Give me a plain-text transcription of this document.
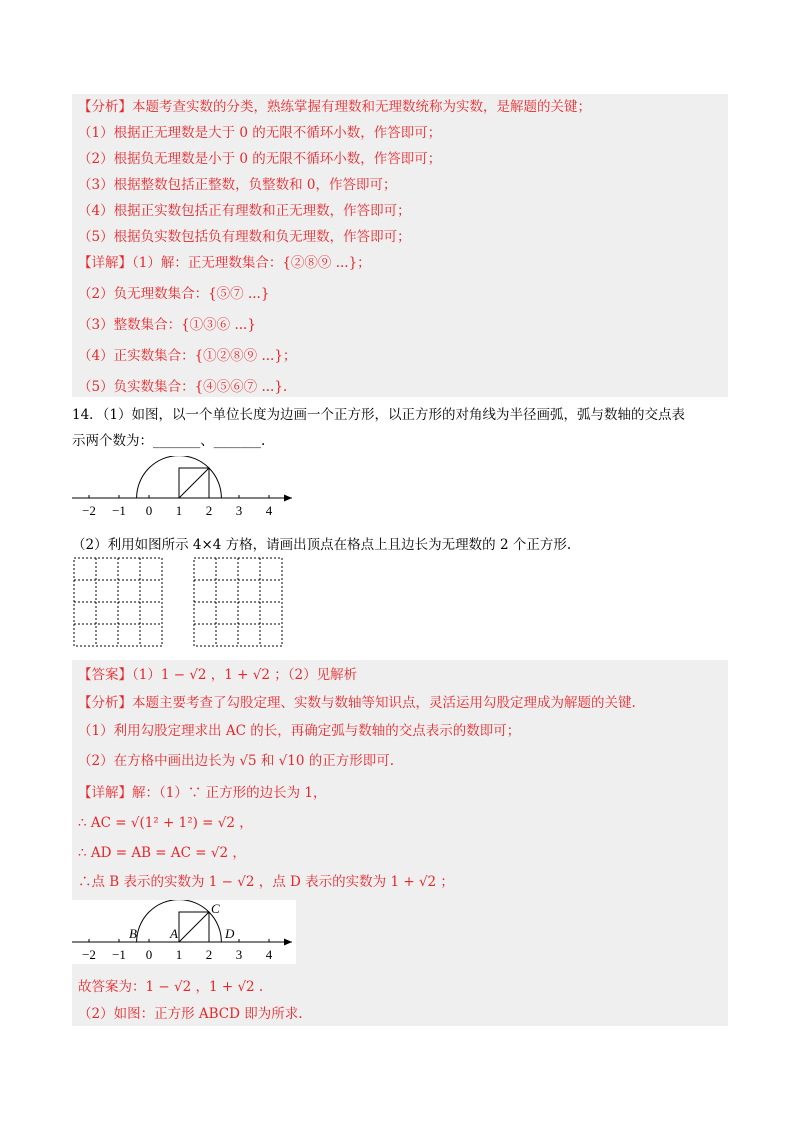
【分析】本题考查实数的分类，熟练掌握有理数和无理数统称为实数，是解题的关键；
（1）根据正无理数是大于 0 的无限不循环小数，作答即可；
（2）根据负无理数是小于 0 的无限不循环小数，作答即可；
（3）根据整数包括正整数，负整数和 0，作答即可；
（4）根据正实数包括正有理数和正无理数，作答即可；
（5）根据负实数包括负有理数和负无理数，作答即可；
【详解】（1）解：正无理数集合：{②⑧⑨ ...}；
（2）负无理数集合：{⑤⑦ ...}
（3）整数集合：{①③⑥ ...}
（4）正实数集合：{①②⑧⑨ ...}；
（5）负实数集合：{④⑤⑥⑦ ...}.
14．（1）如图，以一个单位长度为边画一个正方形，以正方形的对角线为半径画弧，弧与数轴的交点表
示两个数为：_______、_______.
−2 −1 0 1 2 3 4
（2）利用如图所示 4×4 方格，请画出顶点在格点上且边长为无理数的 2 个正方形.
【答案】（1）1 − √2 ，1 + √2 ；（2）见解析
【分析】本题主要考查了勾股定理、实数与数轴等知识点，灵活运用勾股定理成为解题的关键.
（1）利用勾股定理求出 AC 的长，再确定弧与数轴的交点表示的数即可；
（2）在方格中画出边长为 √5 和 √10 的正方形即可.
【详解】解：（1）∵ 正方形的边长为 1，
∴ AC = √(1² + 1²) = √2 ，
∴ AD = AB = AC = √2 ，
∴点 B 表示的实数为 1 − √2 ，点 D 表示的实数为 1 + √2 ；
B	A
C
D
−2 −1 0 1 2 3 4
故答案为：1 − √2 ，1 + √2 .
（2）如图：正方形 ABCD 即为所求.
